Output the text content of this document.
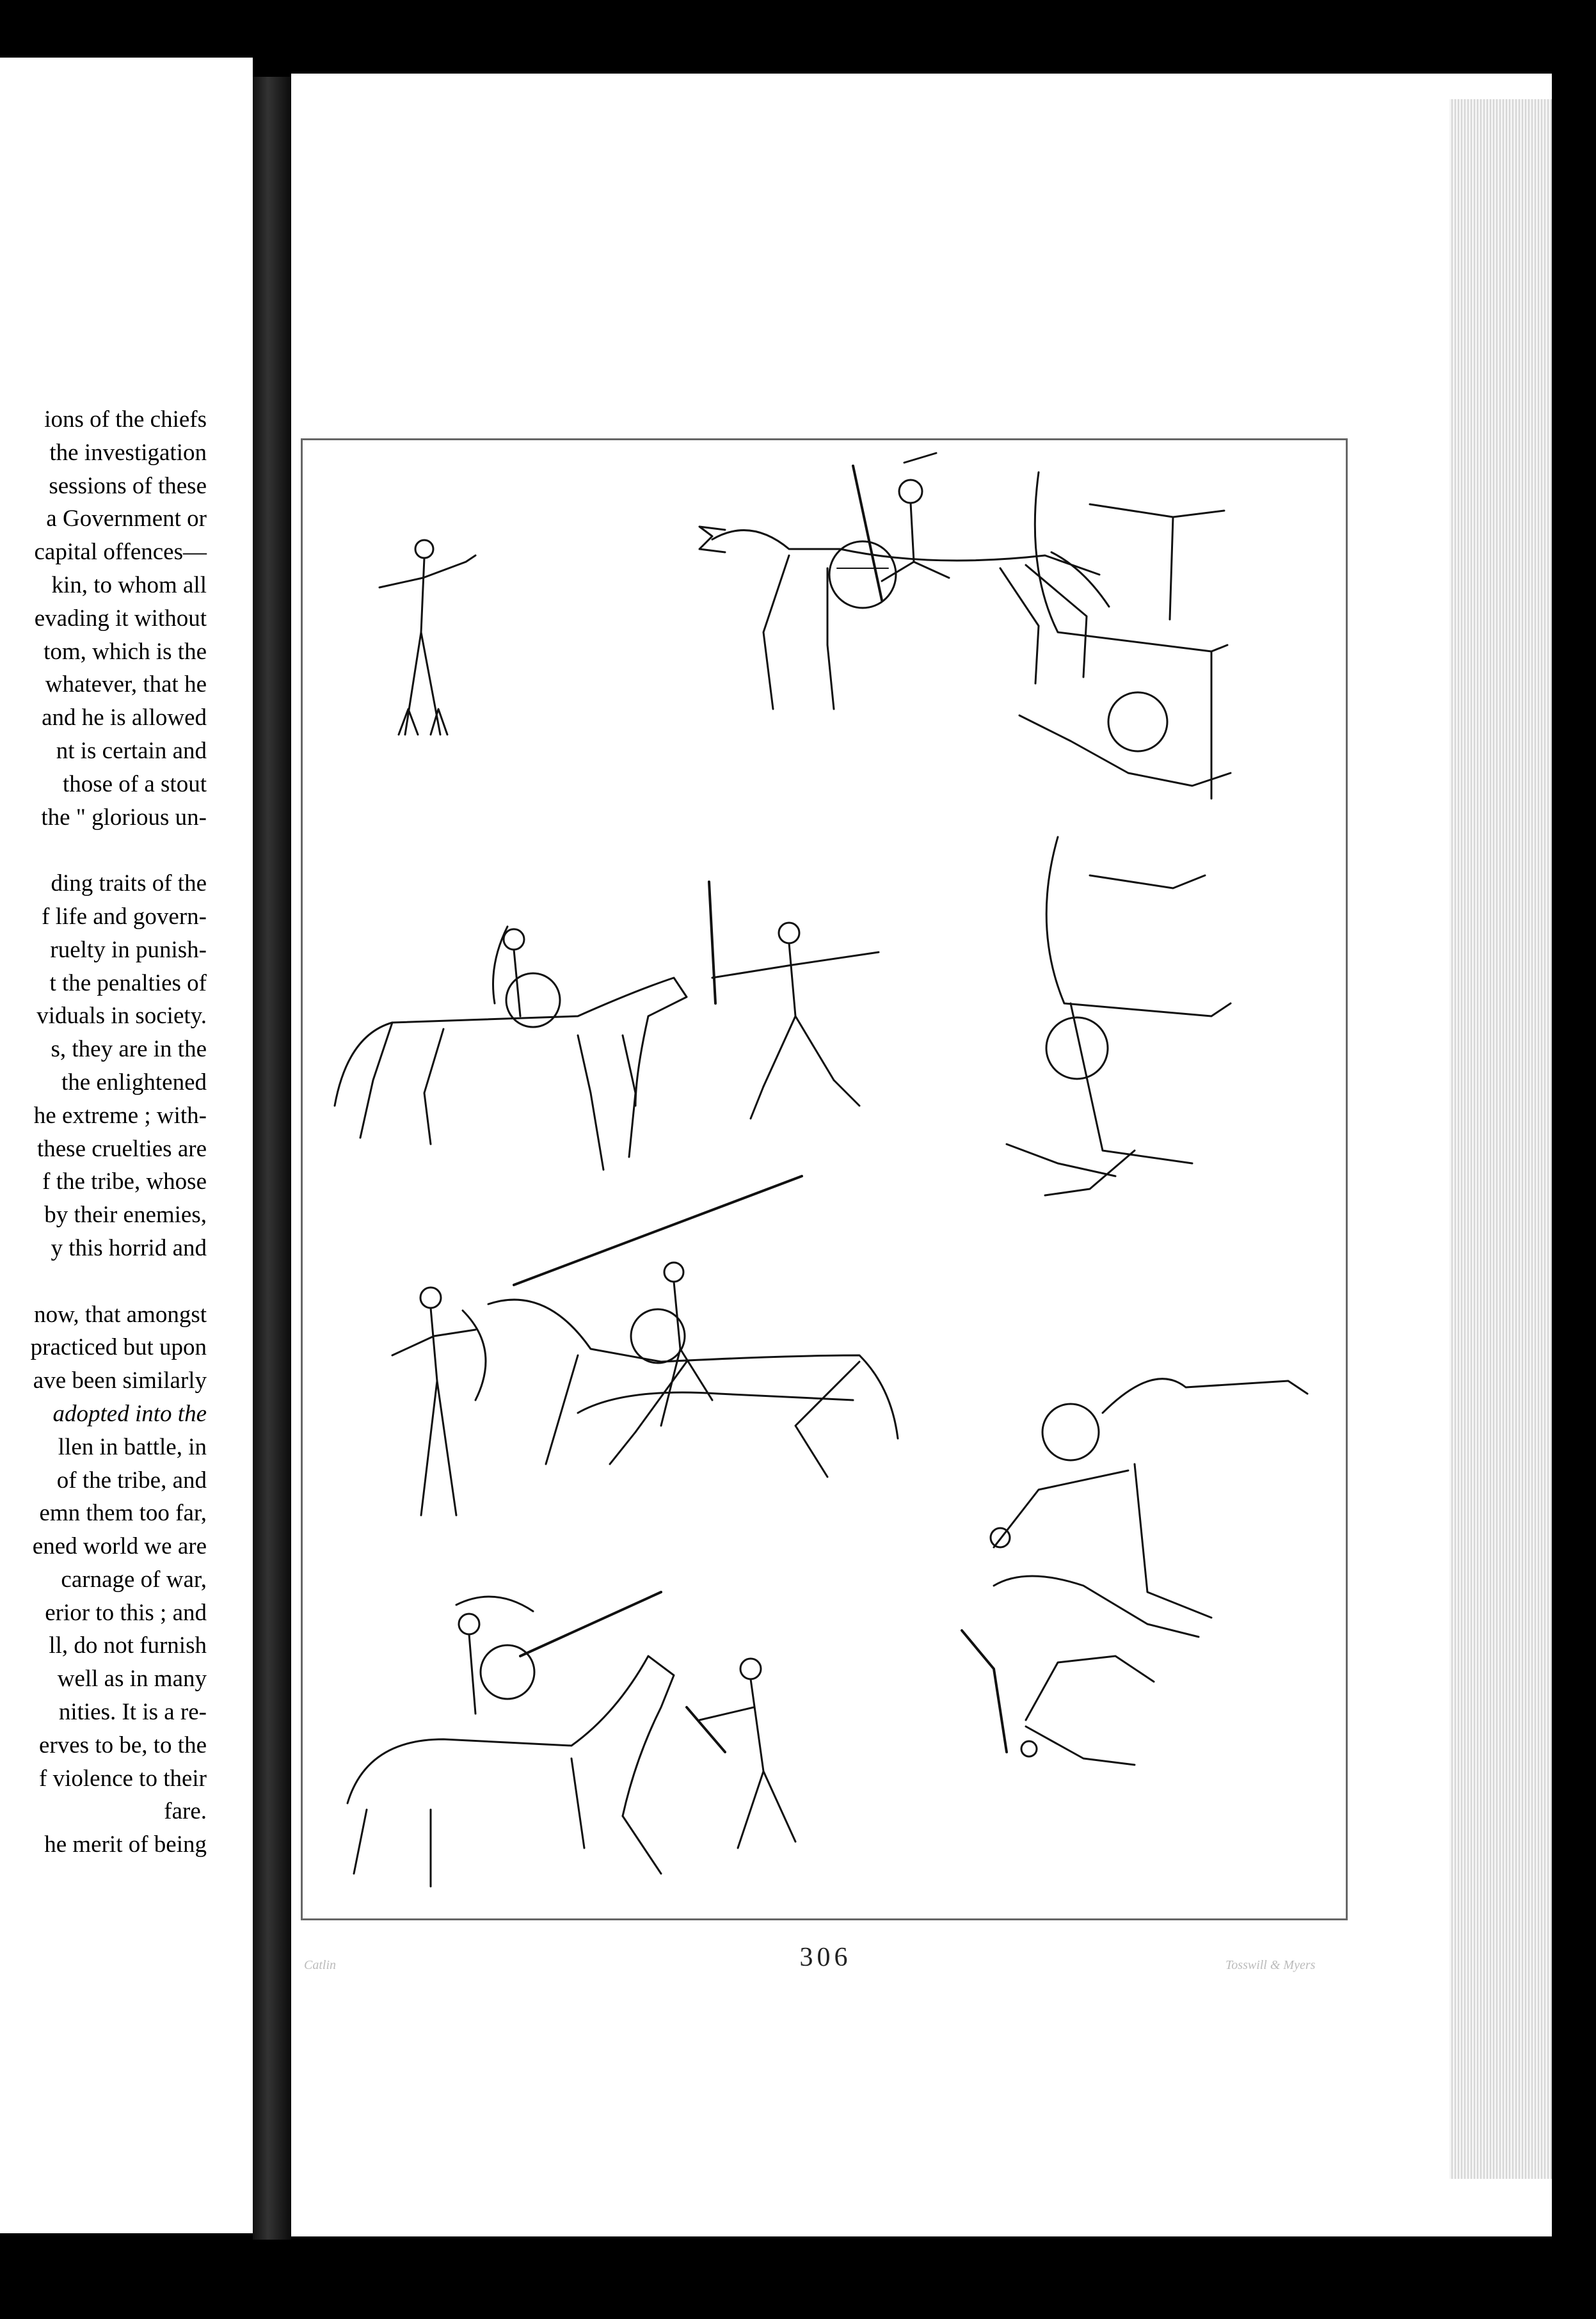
ions of the chiefs
the investigation
sessions of these
a Government or
capital offences—
kin, to whom all
evading it without
tom, which is the
whatever, that he
and he is allowed
nt is certain and
those of a stout
the " glorious un-

ding traits of the
f life and govern-
ruelty in punish-
t the penalties of
viduals in society.
s, they are in the
the enlightened
he extreme ; with-
these cruelties are
f the tribe, whose
by their enemies,
y this horrid and

now, that amongst
practiced but upon
ave been similarly
adopted into the
llen in battle, in
of the tribe, and
emn them too far,
ened world we are
carnage of war,
erior to this ; and
ll, do not furnish
well as in many
nities. It is a re-
erves to be, to the
f violence to their
fare.
he merit of being
Catlin	306	Tosswill & Myers
